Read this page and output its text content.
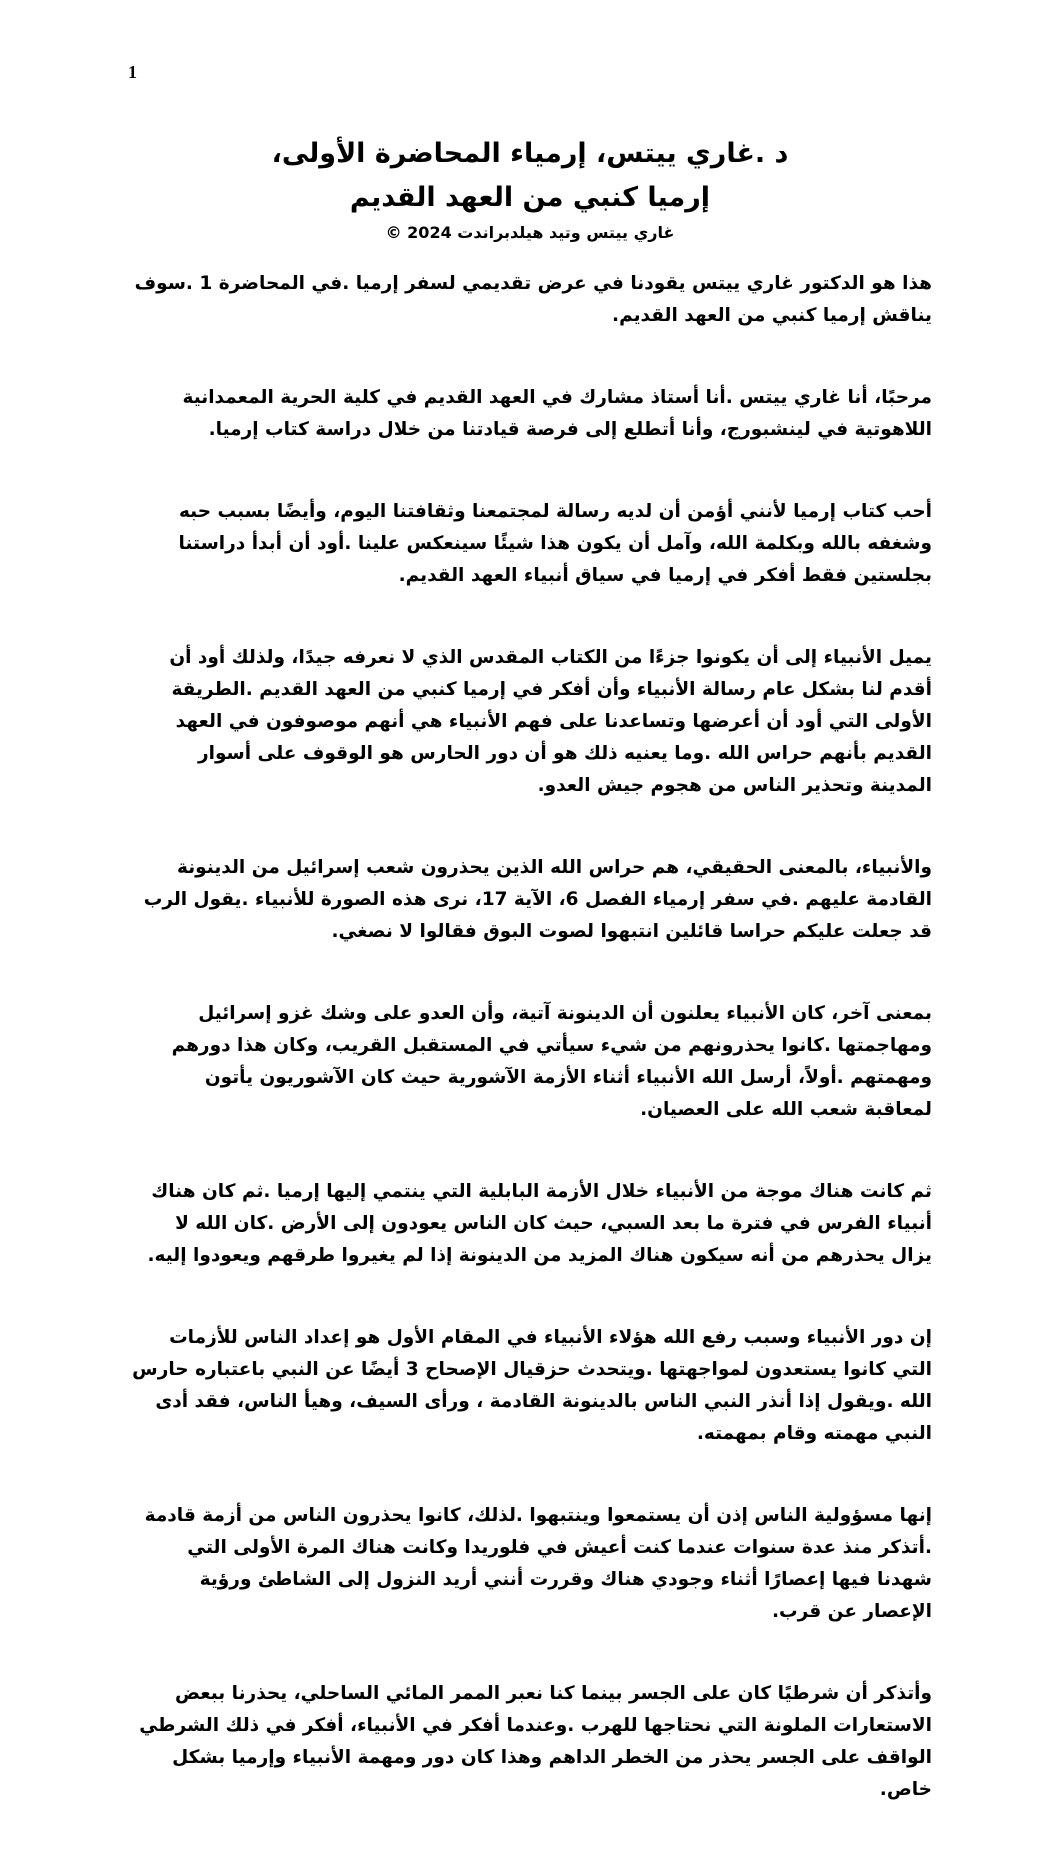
1
د .غاري ييتس، إرمياء المحاضرة الأولى،
إرميا كنبي من العهد القديم
غاري ييتس وتيد هيلدبراندت 2024 ©

هذا هو الدكتور غاري ييتس يقودنا في عرض تقديمي لسفر إرميا .في المحاضرة 1 .سوف يناقش إرميا كنبي من العهد القديم.

مرحبًا، أنا غاري ييتس .أنا أستاذ مشارك في العهد القديم في كلية الحرية المعمدانية اللاهوتية في لينشبورج، وأنا أتطلع إلى فرصة قيادتنا من خلال دراسة كتاب إرميا.

أحب كتاب إرميا لأنني أؤمن أن لديه رسالة لمجتمعنا وثقافتنا اليوم، وأيضًا بسبب حبه وشغفه بالله وبكلمة الله، وآمل أن يكون هذا شيئًا سينعكس علينا .أود أن أبدأ دراستنا بجلستين فقط أفكر في إرميا في سياق أنبياء العهد القديم.

يميل الأنبياء إلى أن يكونوا جزءًا من الكتاب المقدس الذي لا نعرفه جيدًا، ولذلك أود أن أقدم لنا بشكل عام رسالة الأنبياء وأن أفكر في إرميا كنبي من العهد القديم .الطريقة الأولى التي أود أن أعرضها وتساعدنا على فهم الأنبياء هي أنهم موصوفون في العهد القديم بأنهم حراس الله .وما يعنيه ذلك هو أن دور الحارس هو الوقوف على أسوار المدينة وتحذير الناس من هجوم جيش العدو.

والأنبياء، بالمعنى الحقيقي، هم حراس الله الذين يحذرون شعب إسرائيل من الدينونة القادمة عليهم .في سفر إرمياء الفصل 6، الآية 17، نرى هذه الصورة للأنبياء .يقول الرب قد جعلت عليكم حراسا قائلين انتبهوا لصوت البوق فقالوا لا نصغي.

بمعنى آخر، كان الأنبياء يعلنون أن الدينونة آتية، وأن العدو على وشك غزو إسرائيل ومهاجمتها .كانوا يحذرونهم من شيء سيأتي في المستقبل القريب، وكان هذا دورهم ومهمتهم .أولاً، أرسل الله الأنبياء أثناء الأزمة الآشورية حيث كان الآشوريون يأتون لمعاقبة شعب الله على العصيان.

ثم كانت هناك موجة من الأنبياء خلال الأزمة البابلية التي ينتمي إليها إرميا .ثم كان هناك أنبياء الفرس في فترة ما بعد السبي، حيث كان الناس يعودون إلى الأرض .كان الله لا يزال يحذرهم من أنه سيكون هناك المزيد من الدينونة إذا لم يغيروا طرقهم ويعودوا إليه.

إن دور الأنبياء وسبب رفع الله هؤلاء الأنبياء في المقام الأول هو إعداد الناس للأزمات التي كانوا يستعدون لمواجهتها .ويتحدث حزقيال الإصحاح 3 أيضًا عن النبي باعتباره حارس الله .ويقول إذا أنذر النبي الناس بالدينونة القادمة ، ورأى السيف، وهيأ الناس، فقد أدى النبي مهمته وقام بمهمته.

إنها مسؤولية الناس إذن أن يستمعوا وينتبهوا .لذلك، كانوا يحذرون الناس من أزمة قادمة .أتذكر منذ عدة سنوات عندما كنت أعيش في فلوريدا وكانت هناك المرة الأولى التي شهدنا فيها إعصارًا أثناء وجودي هناك وقررت أنني أريد النزول إلى الشاطئ ورؤية الإعصار عن قرب.

وأتذكر أن شرطيًا كان على الجسر بينما كنا نعبر الممر المائي الساحلي، يحذرنا ببعض الاستعارات الملونة التي نحتاجها للهرب .وعندما أفكر في الأنبياء، أفكر في ذلك الشرطي الواقف على الجسر يحذر من الخطر الداهم وهذا كان دور ومهمة الأنبياء وإرميا بشكل خاص.
